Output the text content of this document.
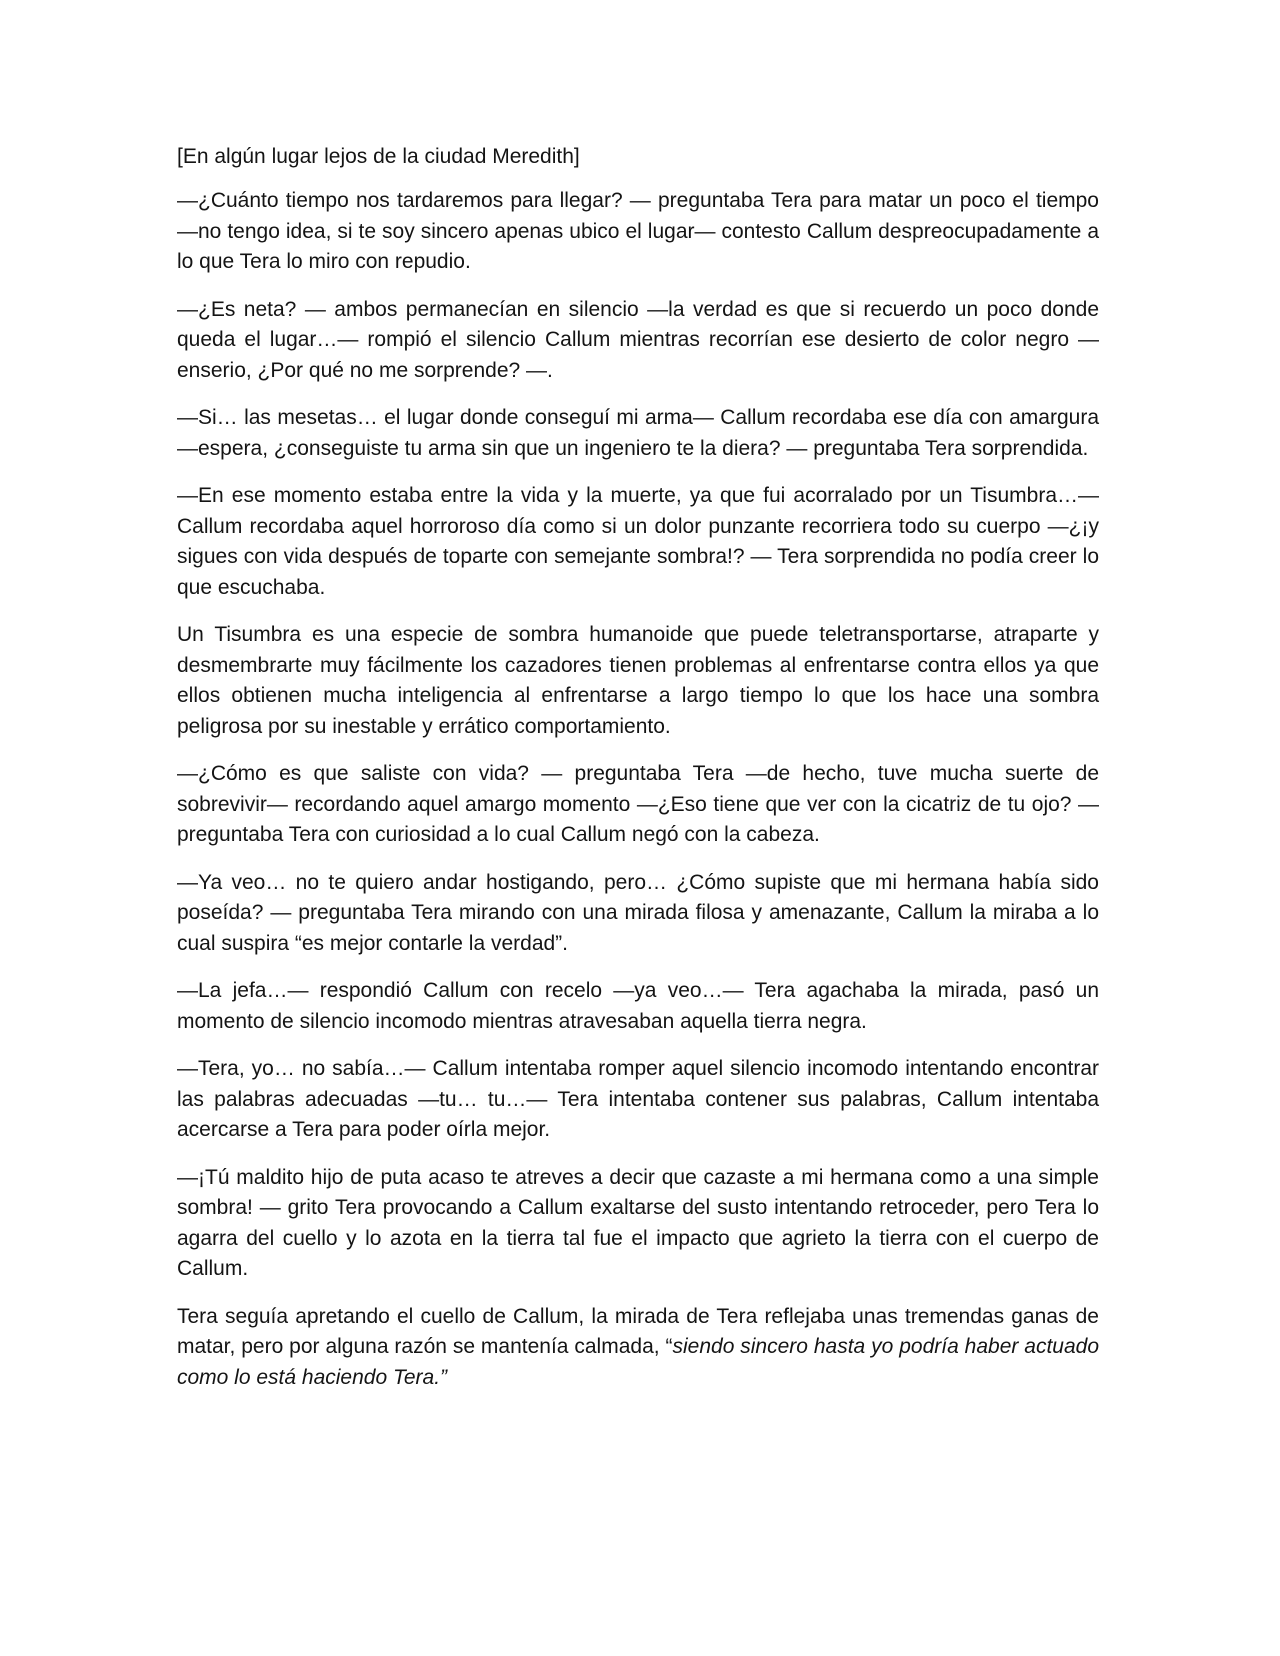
[En algún lugar lejos de la ciudad Meredith]

—¿Cuánto tiempo nos tardaremos para llegar? — preguntaba Tera para matar un poco el tiempo —no tengo idea, si te soy sincero apenas ubico el lugar— contesto Callum despreocupadamente a lo que Tera lo miro con repudio.

—¿Es neta? — ambos permanecían en silencio —la verdad es que si recuerdo un poco donde queda el lugar…— rompió el silencio Callum mientras recorrían ese desierto de color negro —enserio, ¿Por qué no me sorprende? —.

—Si… las mesetas… el lugar donde conseguí mi arma— Callum recordaba ese día con amargura —espera, ¿conseguiste tu arma sin que un ingeniero te la diera? — preguntaba Tera sorprendida.

—En ese momento estaba entre la vida y la muerte, ya que fui acorralado por un Tisumbra…— Callum recordaba aquel horroroso día como si un dolor punzante recorriera todo su cuerpo —¿¡y sigues con vida después de toparte con semejante sombra!? — Tera sorprendida no podía creer lo que escuchaba.

Un Tisumbra es una especie de sombra humanoide que puede teletransportarse, atraparte y desmembrarte muy fácilmente los cazadores tienen problemas al enfrentarse contra ellos ya que ellos obtienen mucha inteligencia al enfrentarse a largo tiempo lo que los hace una sombra peligrosa por su inestable y errático comportamiento.

—¿Cómo es que saliste con vida? — preguntaba Tera —de hecho, tuve mucha suerte de sobrevivir— recordando aquel amargo momento —¿Eso tiene que ver con la cicatriz de tu ojo? — preguntaba Tera con curiosidad a lo cual Callum negó con la cabeza.

—Ya veo… no te quiero andar hostigando, pero… ¿Cómo supiste que mi hermana había sido poseída? — preguntaba Tera mirando con una mirada filosa y amenazante, Callum la miraba a lo cual suspira “es mejor contarle la verdad”.

—La jefa…— respondió Callum con recelo —ya veo…— Tera agachaba la mirada, pasó un momento de silencio incomodo mientras atravesaban aquella tierra negra.

—Tera, yo… no sabía…— Callum intentaba romper aquel silencio incomodo intentando encontrar las palabras adecuadas —tu… tu…— Tera intentaba contener sus palabras, Callum intentaba acercarse a Tera para poder oírla mejor.

—¡Tú maldito hijo de puta acaso te atreves a decir que cazaste a mi hermana como a una simple sombra! — grito Tera provocando a Callum exaltarse del susto intentando retroceder, pero Tera lo agarra del cuello y lo azota en la tierra tal fue el impacto que agrieto la tierra con el cuerpo de Callum.

Tera seguía apretando el cuello de Callum, la mirada de Tera reflejaba unas tremendas ganas de matar, pero por alguna razón se mantenía calmada, “siendo sincero hasta yo podría haber actuado como lo está haciendo Tera.”
